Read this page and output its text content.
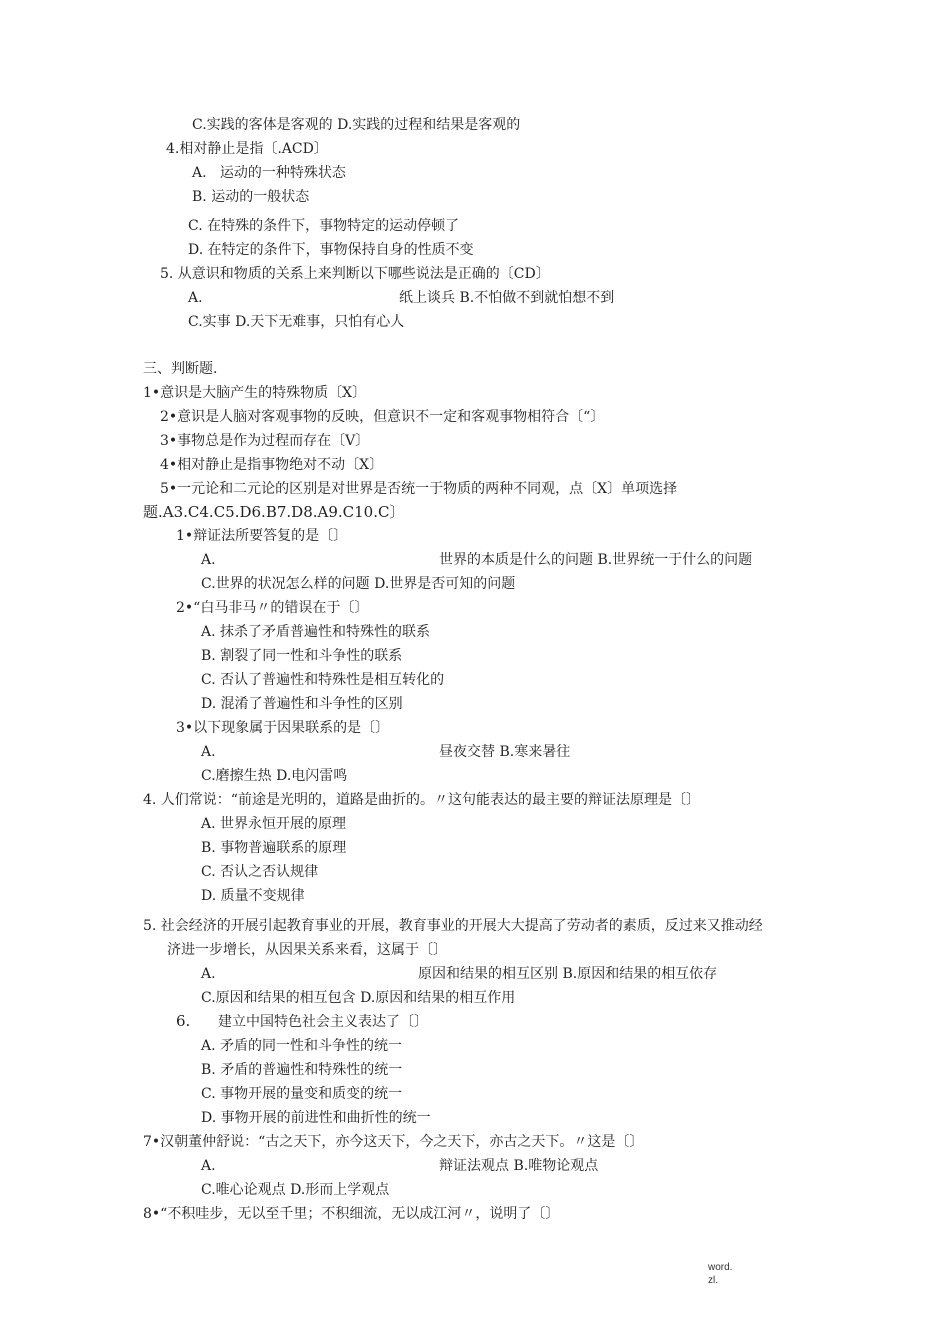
C.实践的客体是客观的 D.实践的过程和结果是客观的
4.相对静止是指〔.ACD〕
A.   运动的一种特殊状态
B. 运动的一般状态
C. 在特殊的条件下，事物特定的运动停顿了
D. 在特定的条件下，事物保持自身的性质不变
5. 从意识和物质的关系上来判断以下哪些说法是正确的〔CD〕
A.	纸上谈兵 B.不怕做不到就怕想不到
C.实事 D.天下无难事，只怕有心人
三、判断题.
1•意识是大脑产生的特殊物质〔X〕
2•意识是人脑对客观事物的反映，但意识不一定和客观事物相符合〔“〕
3•事物总是作为过程而存在〔V〕
4•相对静止是指事物绝对不动〔X〕
5•一元论和二元论的区别是对世界是否统一于物质的两种不同观，点〔X〕单项选择
题.A3.C4.C5.D6.B7.D8.A9.C10.C〕
1•辩证法所要答复的是〔〕
A.	世界的本质是什么的问题 B.世界统一于什么的问题
C.世界的状况怎么样的问题 D.世界是否可知的问题
2•“白马非马〃的错误在于〔〕
A. 抹杀了矛盾普遍性和特殊性的联系
B. 割裂了同一性和斗争性的联系
C. 否认了普遍性和特殊性是相互转化的
D. 混淆了普遍性和斗争性的区别
3•以下现象属于因果联系的是〔〕
A.	昼夜交替 B.寒来暑往
C.磨擦生热 D.电闪雷鸣
4. 人们常说：“前途是光明的，道路是曲折的。〃这句能表达的最主要的辩证法原理是〔〕
A. 世界永恒开展的原理
B. 事物普遍联系的原理
C. 否认之否认规律
D. 质量不变规律
5. 社会经济的开展引起教育事业的开展，教育事业的开展大大提高了劳动者的素质，反过来又推动经
济进一步增长，从因果关系来看，这属于〔〕
A.	原因和结果的相互区别 B.原因和结果的相互依存
C.原因和结果的相互包含 D.原因和结果的相互作用
6. 建立中国特色社会主义表达了〔〕
A. 矛盾的同一性和斗争性的统一
B. 矛盾的普遍性和特殊性的统一
C. 事物开展的量变和质变的统一
D. 事物开展的前进性和曲折性的统一
7•汉朝董仲舒说：“古之天下，亦今这天下，今之天下，亦古之天下。〃这是〔〕
A.	辩证法观点 B.唯物论观点
C.唯心论观点 D.形而上学观点
8•“不积哇步，无以至千里；不积细流，无以成江河〃，说明了〔〕
word.
zl.
